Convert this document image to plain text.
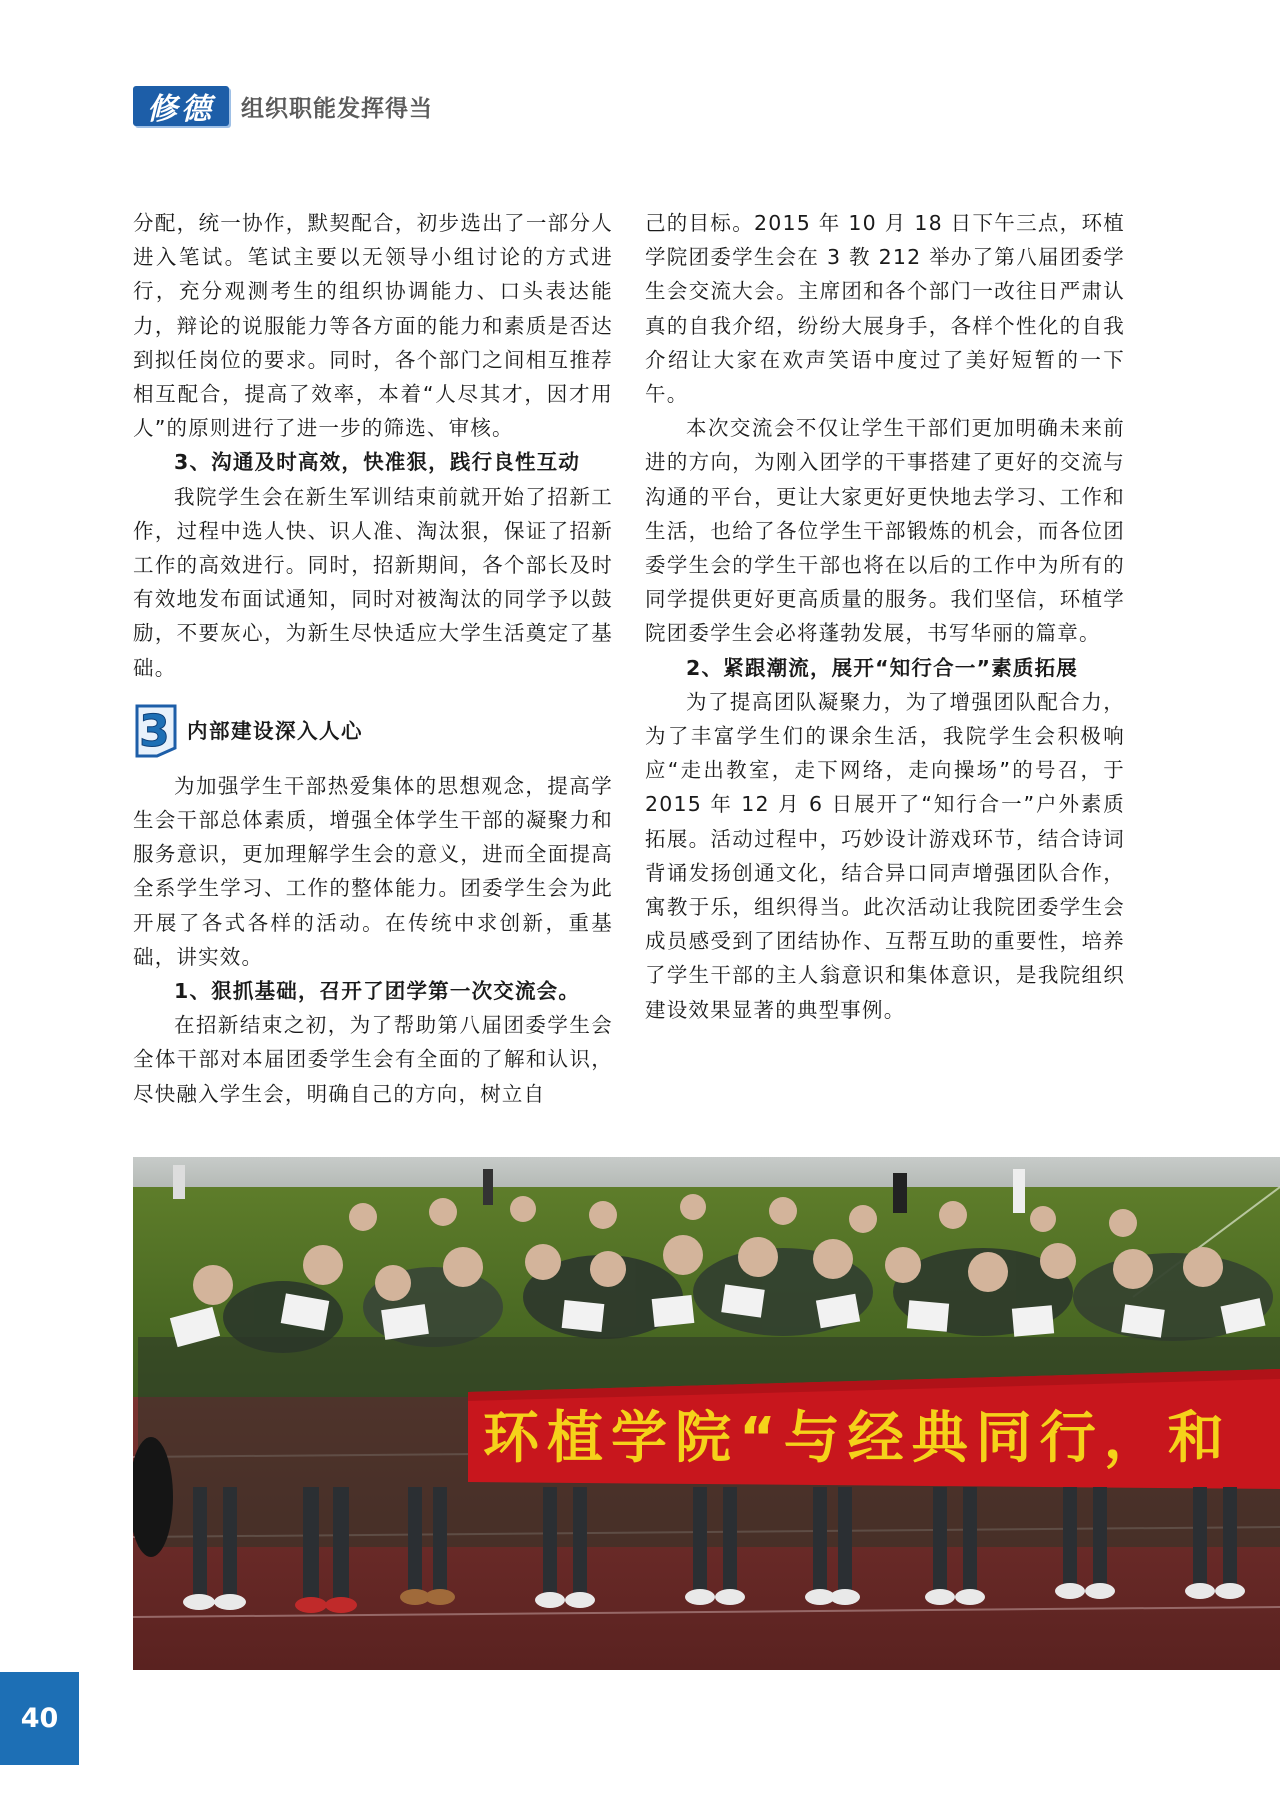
修德	组织职能发挥得当

分配，统一协作，默契配合，初步选出了一部分人进入笔试。笔试主要以无领导小组讨论的方式进行，充分观测考生的组织协调能力、口头表达能力，辩论的说服能力等各方面的能力和素质是否达到拟任岗位的要求。同时，各个部门之间相互推荐相互配合，提高了效率，本着“人尽其才，因才用人”的原则进行了进一步的筛选、审核。

3、沟通及时高效，快准狠，践行良性互动

我院学生会在新生军训结束前就开始了招新工作，过程中选人快、识人准、淘汰狠，保证了招新工作的高效进行。同时，招新期间，各个部长及时有效地发布面试通知，同时对被淘汰的同学予以鼓励，不要灰心，为新生尽快适应大学生活奠定了基础。

3 内部建设深入人心

为加强学生干部热爱集体的思想观念，提高学生会干部总体素质，增强全体学生干部的凝聚力和服务意识，更加理解学生会的意义，进而全面提高全系学生学习、工作的整体能力。团委学生会为此开展了各式各样的活动。在传统中求创新，重基础，讲实效。

1、狠抓基础，召开了团学第一次交流会。

在招新结束之初，为了帮助第八届团委学生会全体干部对本届团委学生会有全面的了解和认识，尽快融入学生会，明确自己的方向，树立自

己的目标。2015 年 10 月 18 日下午三点，环植学院团委学生会在 3 教 212 举办了第八届团委学生会交流大会。主席团和各个部门一改往日严肃认真的自我介绍，纷纷大展身手，各样个性化的自我介绍让大家在欢声笑语中度过了美好短暂的一下午。

本次交流会不仅让学生干部们更加明确未来前进的方向，为刚入团学的干事搭建了更好的交流与沟通的平台，更让大家更好更快地去学习、工作和生活，也给了各位学生干部锻炼的机会，而各位团委学生会的学生干部也将在以后的工作中为所有的同学提供更好更高质量的服务。我们坚信，环植学院团委学生会必将蓬勃发展，书写华丽的篇章。

2、紧跟潮流，展开“知行合一”素质拓展

为了提高团队凝聚力，为了增强团队配合力，为了丰富学生们的课余生活，我院学生会积极响应“走出教室，走下网络，走向操场”的号召，于 2015 年 12 月 6 日展开了“知行合一”户外素质拓展。活动过程中，巧妙设计游戏环节，结合诗词背诵发扬创通文化，结合异口同声增强团队合作，寓教于乐，组织得当。此次活动让我院团委学生会成员感受到了团结协作、互帮互助的重要性，培养了学生干部的主人翁意识和集体意识，是我院组织建设效果显著的典型事例。

环植学院“与经典同行，和
40
